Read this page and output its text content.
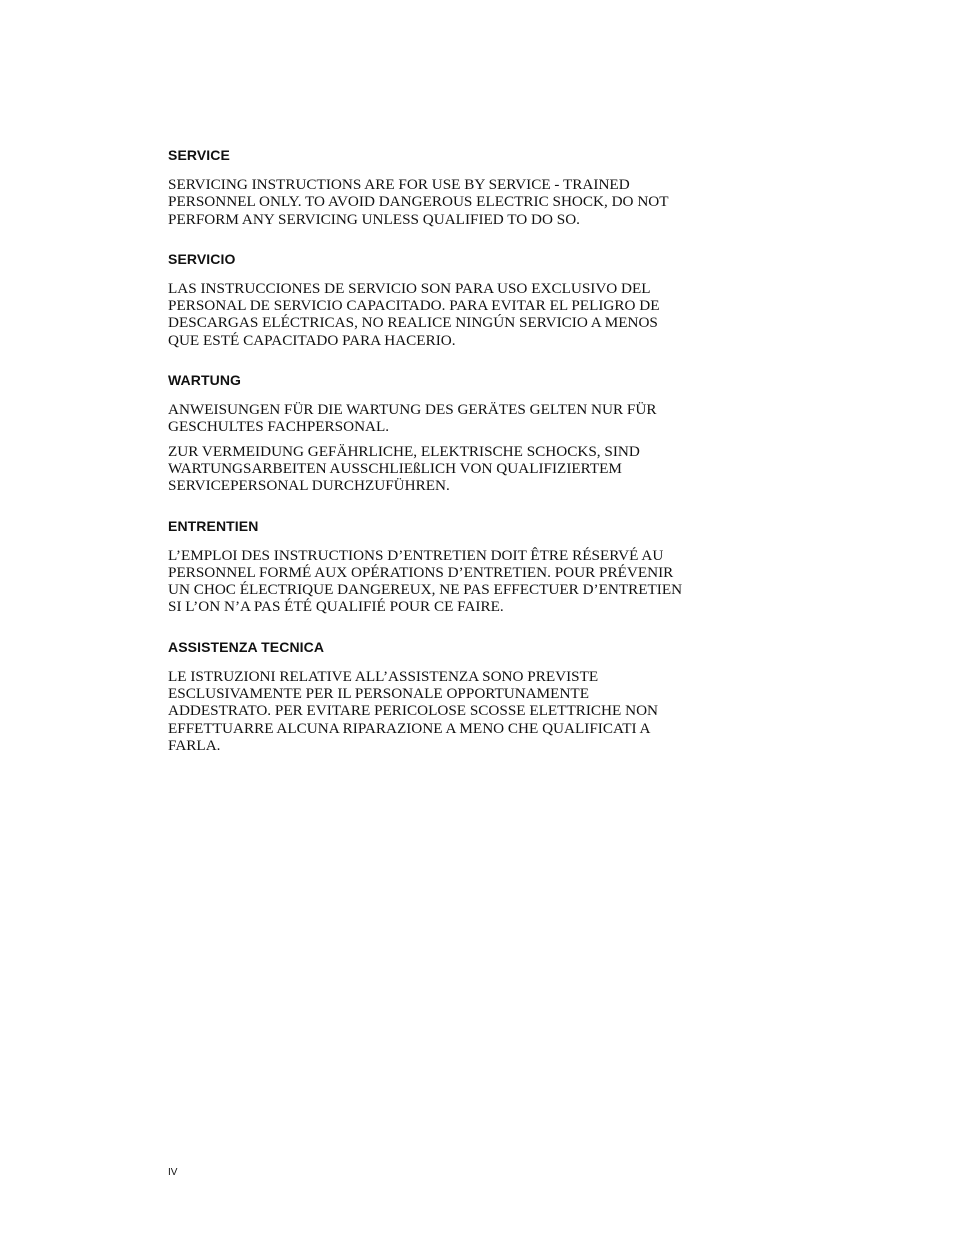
SERVICE
SERVICING INSTRUCTIONS ARE FOR USE BY SERVICE - TRAINED
PERSONNEL ONLY. TO AVOID DANGEROUS ELECTRIC SHOCK, DO NOT
PERFORM ANY SERVICING UNLESS QUALIFIED TO DO SO.
SERVICIO
LAS INSTRUCCIONES DE SERVICIO SON PARA USO EXCLUSIVO DEL
PERSONAL DE SERVICIO CAPACITADO. PARA EVITAR EL PELIGRO DE
DESCARGAS ELÉCTRICAS, NO REALICE NINGÚN SERVICIO A MENOS
QUE ESTÉ CAPACITADO PARA HACERIO.
WARTUNG
ANWEISUNGEN FÜR DIE WARTUNG DES GERÄTES GELTEN NUR FÜR
GESCHULTES FACHPERSONAL.
ZUR VERMEIDUNG GEFÄHRLICHE, ELEKTRISCHE SCHOCKS, SIND
WARTUNGSARBEITEN AUSSCHLIEßLICH VON QUALIFIZIERTEM
SERVICEPERSONAL DURCHZUFÜHREN.
ENTRENTIEN
L’EMPLOI DES INSTRUCTIONS D’ENTRETIEN DOIT ÊTRE RÉSERVÉ AU
PERSONNEL FORMÉ AUX OPÉRATIONS D’ENTRETIEN. POUR PRÉVENIR
UN CHOC ÉLECTRIQUE DANGEREUX, NE PAS EFFECTUER D’ENTRETIEN
SI L’ON N’A PAS ÉTÉ QUALIFIÉ POUR CE FAIRE.
ASSISTENZA TECNICA
LE ISTRUZIONI RELATIVE ALL’ASSISTENZA SONO PREVISTE
ESCLUSIVAMENTE PER IL PERSONALE OPPORTUNAMENTE
ADDESTRATO. PER EVITARE PERICOLOSE SCOSSE ELETTRICHE NON
EFFETTUARRE ALCUNA RIPARAZIONE A MENO CHE QUALIFICATI A
FARLA.
IV
